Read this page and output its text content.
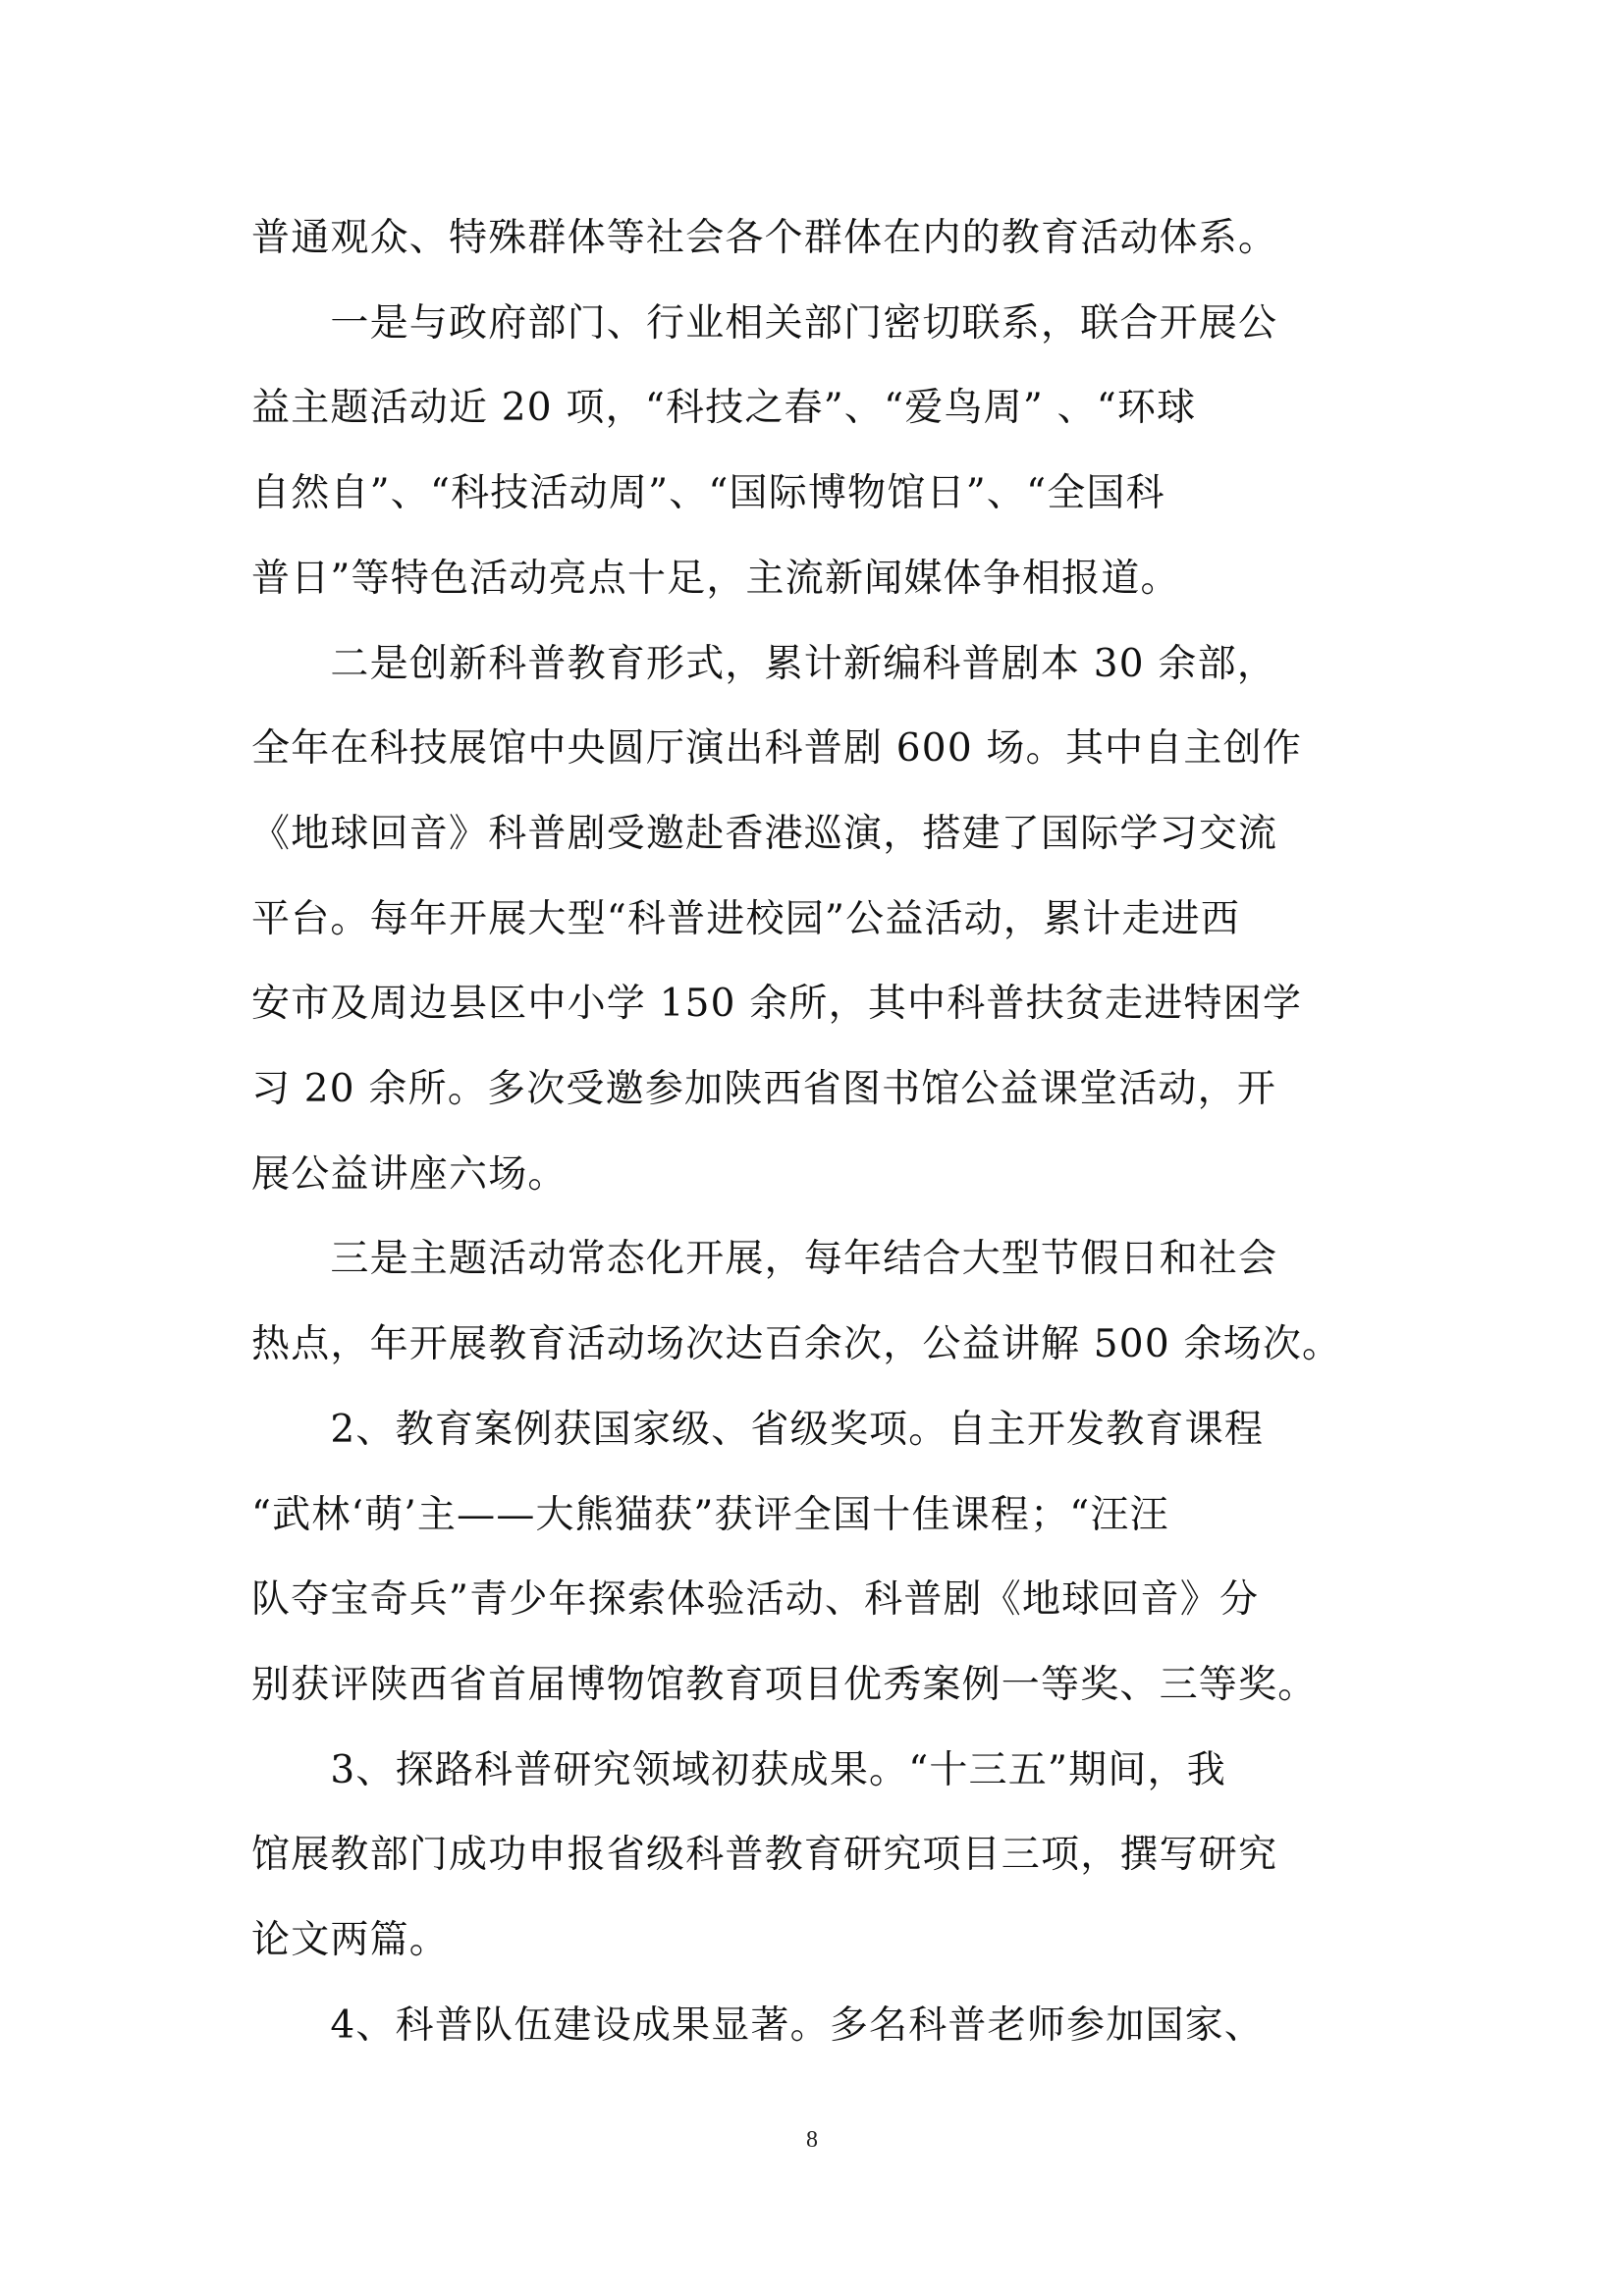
普通观众、特殊群体等社会各个群体在内的教育活动体系。
　　一是与政府部门、行业相关部门密切联系，联合开展公
益主题活动近 20 项，“科技之春”、“爱鸟周” 、“环球
自然自”、“科技活动周”、“国际博物馆日”、“全国科
普日”等特色活动亮点十足，主流新闻媒体争相报道。
　　二是创新科普教育形式，累计新编科普剧本 30 余部，
全年在科技展馆中央圆厅演出科普剧 600 场。其中自主创作
《地球回音》科普剧受邀赴香港巡演，搭建了国际学习交流
平台。每年开展大型“科普进校园”公益活动，累计走进西
安市及周边县区中小学 150 余所，其中科普扶贫走进特困学
习 20 余所。多次受邀参加陕西省图书馆公益课堂活动，开
展公益讲座六场。
　　三是主题活动常态化开展，每年结合大型节假日和社会
热点，年开展教育活动场次达百余次，公益讲解 500 余场次。
　　2、教育案例获国家级、省级奖项。自主开发教育课程
“武林‘萌’主——大熊猫获”获评全国十佳课程；“汪汪
队夺宝奇兵”青少年探索体验活动、科普剧《地球回音》分
别获评陕西省首届博物馆教育项目优秀案例一等奖、三等奖。
　　3、探路科普研究领域初获成果。“十三五”期间，我
馆展教部门成功申报省级科普教育研究项目三项，撰写研究
论文两篇。
　　4、科普队伍建设成果显著。多名科普老师参加国家、
8
